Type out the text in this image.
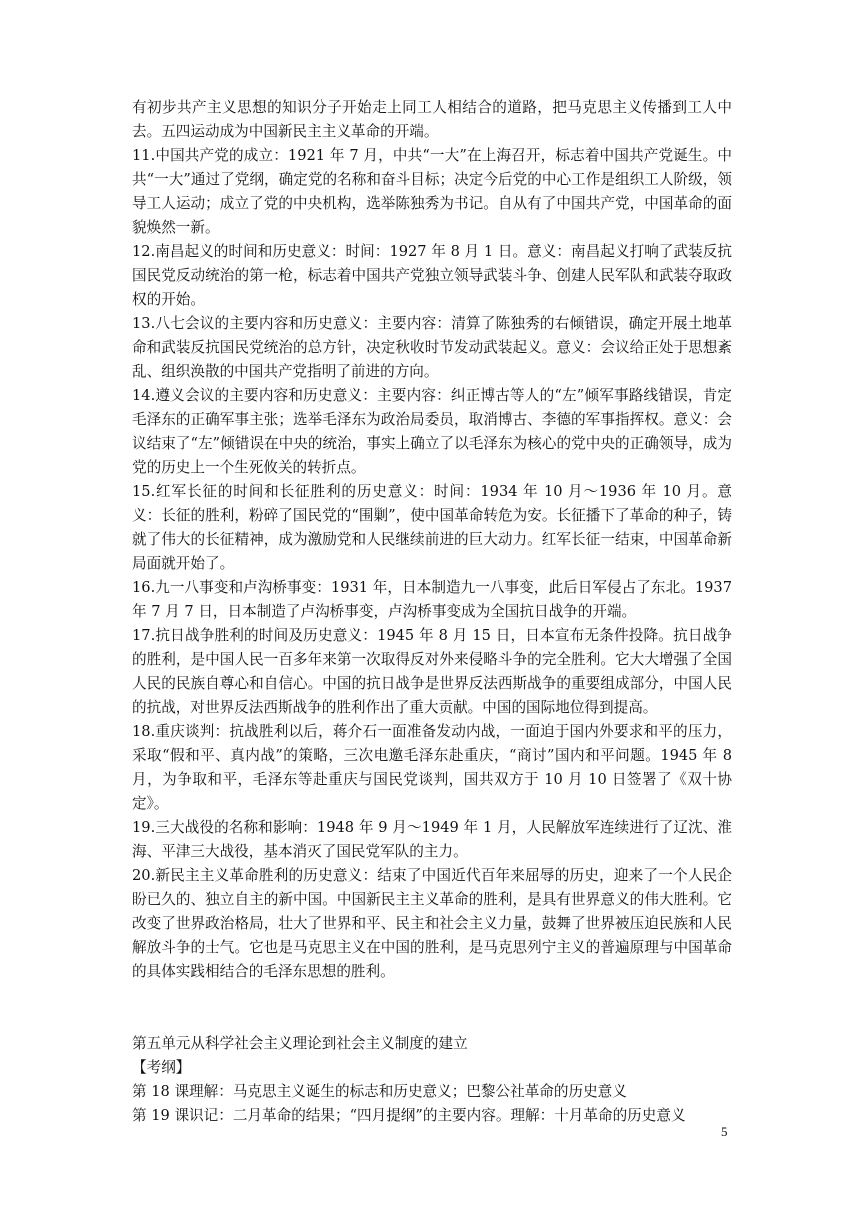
有初步共产主义思想的知识分子开始走上同工人相结合的道路，把马克思主义传播到工人中去。五四运动成为中国新民主主义革命的开端。

11.中国共产党的成立：1921 年 7 月，中共“一大”在上海召开，标志着中国共产党诞生。中共“一大”通过了党纲，确定党的名称和奋斗目标；决定今后党的中心工作是组织工人阶级，领导工人运动；成立了党的中央机构，选举陈独秀为书记。自从有了中国共产党，中国革命的面貌焕然一新。

12.南昌起义的时间和历史意义：时间：1927 年 8 月 1 日。意义：南昌起义打响了武装反抗国民党反动统治的第一枪，标志着中国共产党独立领导武装斗争、创建人民军队和武装夺取政权的开始。

13.八七会议的主要内容和历史意义：主要内容：清算了陈独秀的右倾错误，确定开展土地革命和武装反抗国民党统治的总方针，决定秋收时节发动武装起义。意义：会议给正处于思想紊乱、组织涣散的中国共产党指明了前进的方向。

14.遵义会议的主要内容和历史意义：主要内容：纠正博古等人的“左”倾军事路线错误，肯定毛泽东的正确军事主张；选举毛泽东为政治局委员，取消博古、李德的军事指挥权。意义：会议结束了“左”倾错误在中央的统治，事实上确立了以毛泽东为核心的党中央的正确领导，成为党的历史上一个生死攸关的转折点。

15.红军长征的时间和长征胜利的历史意义：时间：1934 年 10 月～1936 年 10 月。意义：长征的胜利，粉碎了国民党的“围剿”，使中国革命转危为安。长征播下了革命的种子，铸就了伟大的长征精神，成为激励党和人民继续前进的巨大动力。红军长征一结束，中国革命新局面就开始了。

16.九一八事变和卢沟桥事变：1931 年，日本制造九一八事变，此后日军侵占了东北。1937 年 7 月 7 日，日本制造了卢沟桥事变，卢沟桥事变成为全国抗日战争的开端。

17.抗日战争胜利的时间及历史意义：1945 年 8 月 15 日，日本宣布无条件投降。抗日战争的胜利，是中国人民一百多年来第一次取得反对外来侵略斗争的完全胜利。它大大增强了全国人民的民族自尊心和自信心。中国的抗日战争是世界反法西斯战争的重要组成部分，中国人民的抗战，对世界反法西斯战争的胜利作出了重大贡献。中国的国际地位得到提高。

18.重庆谈判：抗战胜利以后，蒋介石一面准备发动内战，一面迫于国内外要求和平的压力，采取“假和平、真内战”的策略，三次电邀毛泽东赴重庆，“商讨”国内和平问题。1945 年 8 月，为争取和平，毛泽东等赴重庆与国民党谈判，国共双方于 10 月 10 日签署了《双十协定》。

19.三大战役的名称和影响：1948 年 9 月～1949 年 1 月，人民解放军连续进行了辽沈、淮海、平津三大战役，基本消灭了国民党军队的主力。

20.新民主主义革命胜利的历史意义：结束了中国近代百年来屈辱的历史，迎来了一个人民企盼已久的、独立自主的新中国。中国新民主主义革命的胜利，是具有世界意义的伟大胜利。它改变了世界政治格局，壮大了世界和平、民主和社会主义力量，鼓舞了世界被压迫民族和人民解放斗争的士气。它也是马克思主义在中国的胜利，是马克思列宁主义的普遍原理与中国革命的具体实践相结合的毛泽东思想的胜利。

第五单元从科学社会主义理论到社会主义制度的建立

【考纲】

第 18 课理解：马克思主义诞生的标志和历史意义；巴黎公社革命的历史意义

第 19 课识记：二月革命的结果；“四月提纲”的主要内容。理解：十月革命的历史意义

5
